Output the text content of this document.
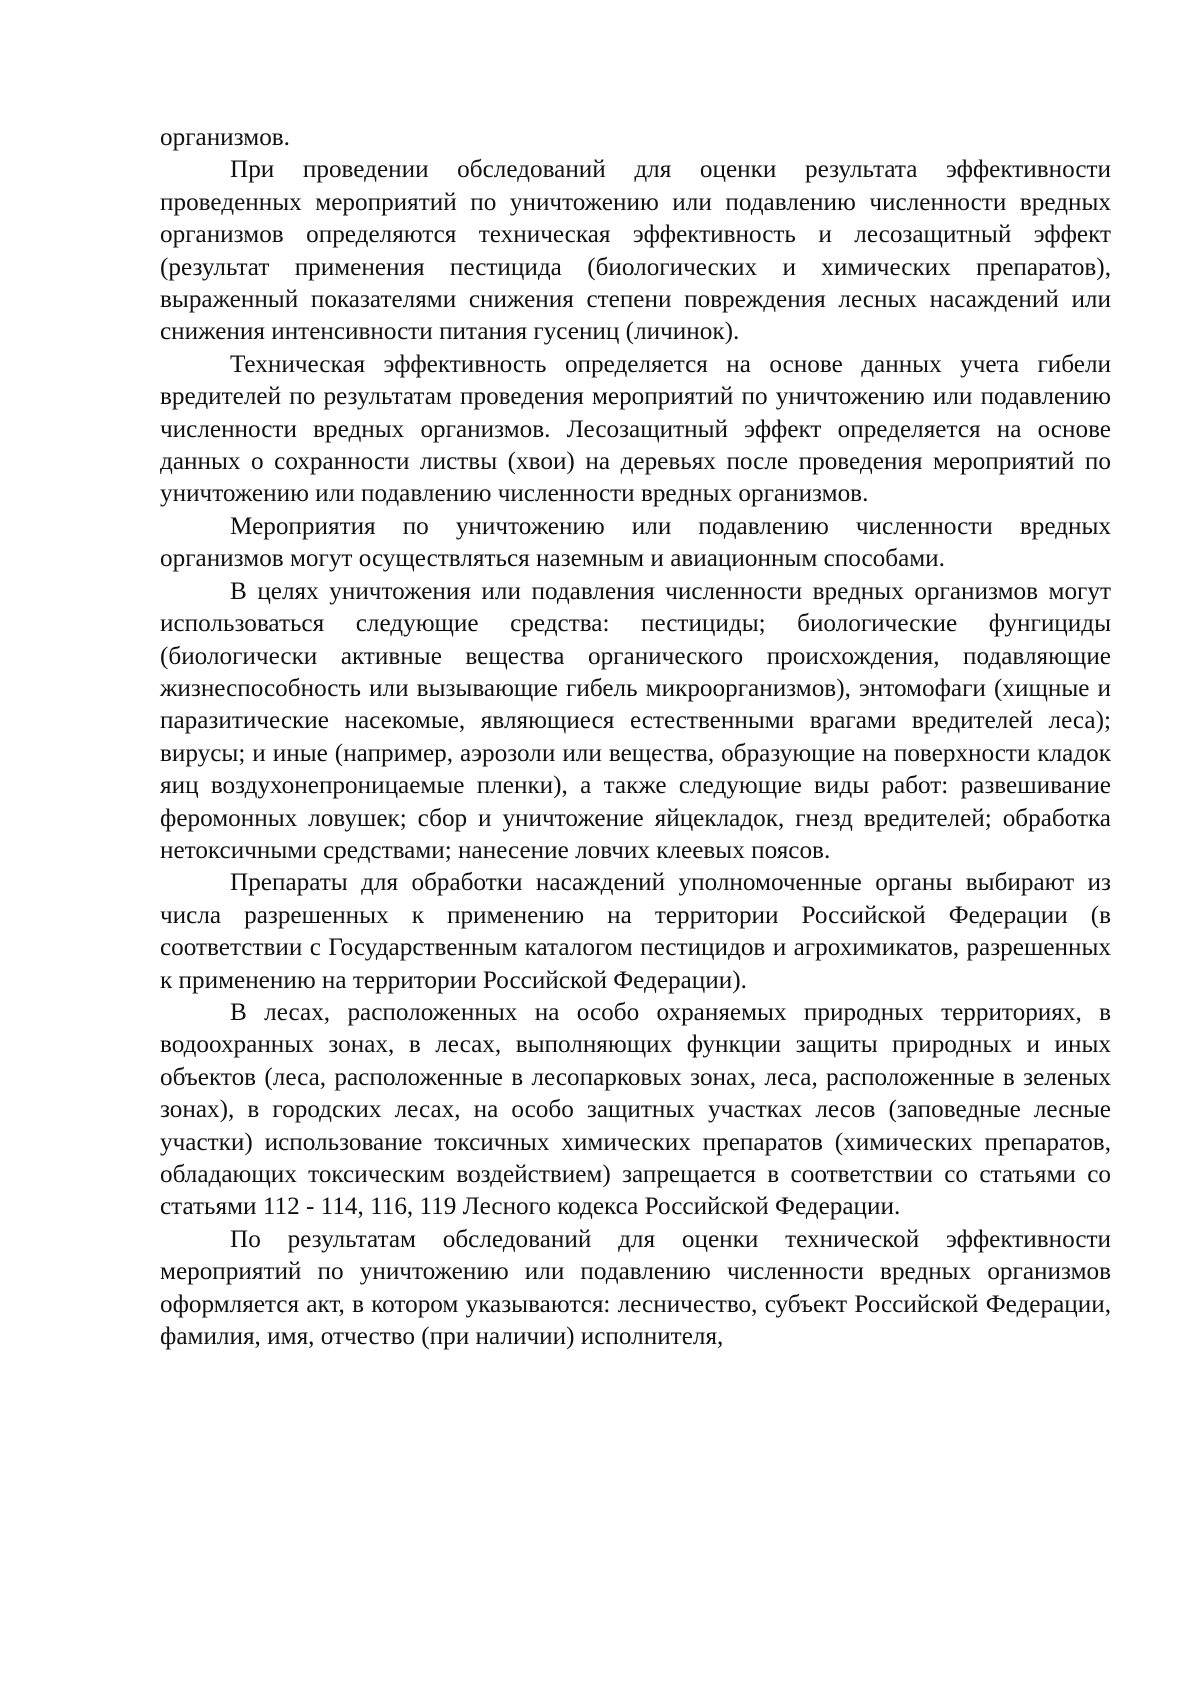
организмов.

При проведении обследований для оценки результата эффективности проведенных мероприятий по уничтожению или подавлению численности вредных организмов определяются техническая эффективность и лесозащитный эффект (результат применения пестицида (биологических и химических препаратов), выраженный показателями снижения степени повреждения лесных насаждений или снижения интенсивности питания гусениц (личинок).

Техническая эффективность определяется на основе данных учета гибели вредителей по результатам проведения мероприятий по уничтожению или подавлению численности вредных организмов. Лесозащитный эффект определяется на основе данных о сохранности листвы (хвои) на деревьях после проведения мероприятий по уничтожению или подавлению численности вредных организмов.

Мероприятия по уничтожению или подавлению численности вредных организмов могут осуществляться наземным и авиационным способами.

В целях уничтожения или подавления численности вредных организмов могут использоваться следующие средства: пестициды; биологические фунгициды (биологически активные вещества органического происхождения, подавляющие жизнеспособность или вызывающие гибель микроорганизмов), энтомофаги (хищные и паразитические насекомые, являющиеся естественными врагами вредителей леса); вирусы; и иные (например, аэрозоли или вещества, образующие на поверхности кладок яиц воздухонепроницаемые пленки), а также следующие виды работ: развешивание феромонных ловушек; сбор и уничтожение яйцекладок, гнезд вредителей; обработка нетоксичными средствами; нанесение ловчих клеевых поясов.

Препараты для обработки насаждений уполномоченные органы выбирают из числа разрешенных к применению на территории Российской Федерации (в соответствии с Государственным каталогом пестицидов и агрохимикатов, разрешенных к применению на территории Российской Федерации).

В лесах, расположенных на особо охраняемых природных территориях, в водоохранных зонах, в лесах, выполняющих функции защиты природных и иных объектов (леса, расположенные в лесопарковых зонах, леса, расположенные в зеленых зонах), в городских лесах, на особо защитных участках лесов (заповедные лесные участки) использование токсичных химических препаратов (химических препаратов, обладающих токсическим воздействием) запрещается в соответствии со статьями со статьями 112 - 114, 116, 119 Лесного кодекса Российской Федерации.

По результатам обследований для оценки технической эффективности мероприятий по уничтожению или подавлению численности вредных организмов оформляется акт, в котором указываются: лесничество, субъект Российской Федерации, фамилия, имя, отчество (при наличии) исполнителя,
